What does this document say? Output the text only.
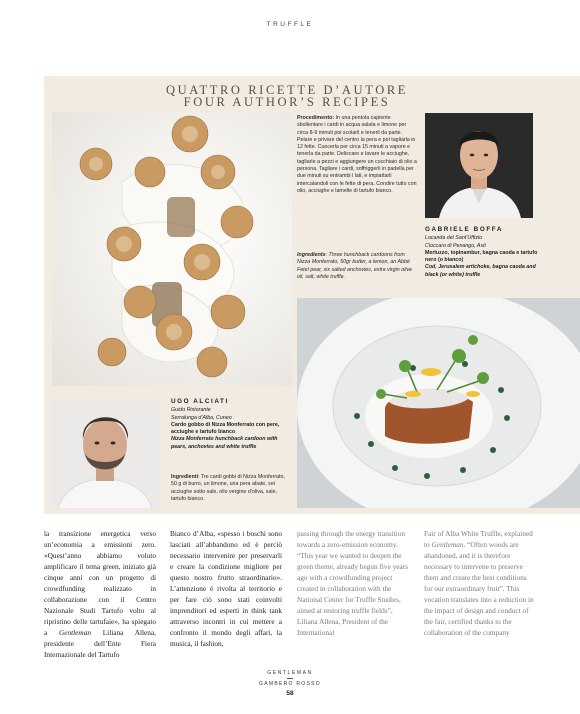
TRUFFLE
QUATTRO RICETTE D’AUTORE
FOUR AUTHOR’S RECIPES
Procedimento: In una pentola capiente sbollentare i cardi in acqua salata e limone per circa 8-9 minuti poi scolarli e tenerli da parte. Pelare e privare del centro la pera e poi tagliarla in 12 fette. Cuocerla per circa 15 minuti a vapore e tenerla da parte. Deliscare e lavare le acciughe, tagliarle a pezzi e aggiungere un cucchiaio di olio a persona. Tagliare i cardi, soffriggerli in padella per due minuti su entrambi i lati, e impiattarli intercalandoli con le fette di pera. Condire tutto con olio, acciughe e lamelle di tartufo bianco.
Ingredients: Three hunchback cardoons from Nizza Monferrato, 50gr butter, a lemon, an Abbé Fetel pear, six salted anchovies, extra virgin olive oil, salt, white truffle.
GABRIELE BOFFA
Locanda del Sant’Uffizio
Cioccaro di Penango, Asti
Merluzzo, topinambur, bagna caoda e tartufo nero (o bianco)
Cod, Jerusalem artichoke, bagna caoda and black (or white) truffle
UGO ALCIATI
Guido Ristorante
Serralunga d’Alba, Cuneo
Cardo gobbo di Nizza Monferrato con pere, acciughe e tartufo bianco
Nizza Monferrato hunchback cardoon with pears, anchovies and white truffle
Ingredienti: Tre cardi gobbi di Nizza Monferrato, 50 g di burro, un limone, una pera abate, sei acciughe sotto sale, olio vergine d’oliva, sale, tartufo bianco.
la transizione energetica verso un’economia a emissioni zero. «Quest’anno abbiamo voluto amplificare il tema green, iniziato già cinque anni con un progetto di crowdfunding realizzato in collaborazione con il Centro Nazionale Studi Tartufo volto al ripristino delle tartufaie», ha spiegato a Gentleman Liliana Allena, presidente dell’Ente Fiera Internazionale del Tartufo
Bianco d’Alba, «spesso i boschi sono lasciati all’abbandono ed è perciò necessario intervenire per preservarli e creare la condizione migliore per questo nostro frutto straordinario». L’attenzione è rivolta al territorio e per fare ciò sono stati coinvolti imprenditori ed esperti in think tank attraverso incontri in cui mettere a confronto il mondo degli affari, la musica, il fashion,
passing through the energy transition towards a zero-emission economy. “This year we wanted to deepen the green theme, already begun five years ago with a crowdfunding project created in collaboration with the National Center for Truffle Studies, aimed at restoring truffle fields”, Liliana Allena, President of the International
Fair of Alba White Truffle, explained to Gentleman. “Often woods are abandoned, and it is therefore necessary to intervene to preserve them and create the best conditions for our extraordinary fruit”. This vocation translates into a reduction in the impact of design and conduct of the fair, certified thanks to the collaboration of the company
GENTLEMAN
GAMBERO ROSSO
58
